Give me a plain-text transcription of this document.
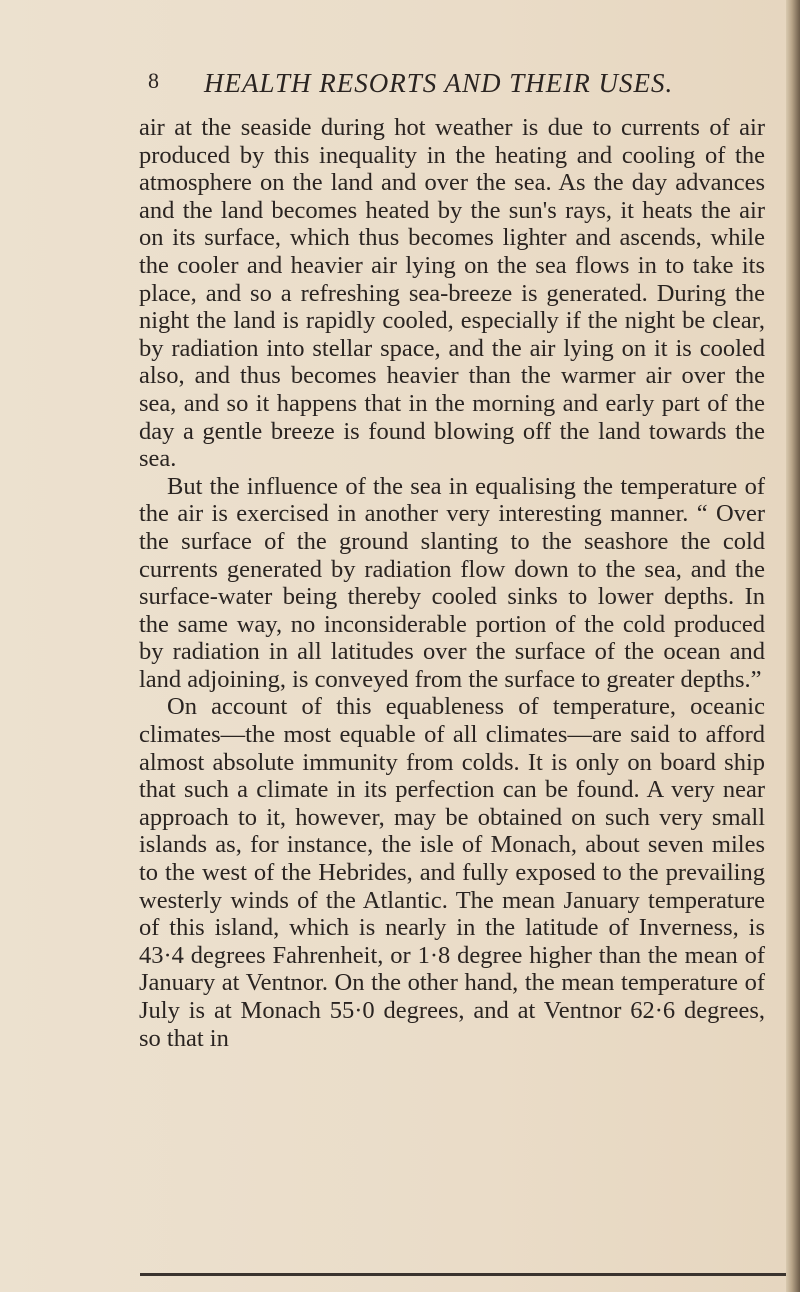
8 HEALTH RESORTS AND THEIR USES.

air at the seaside during hot weather is due to currents of air produced by this inequality in the heating and cooling of the atmosphere on the land and over the sea. As the day advances and the land becomes heated by the sun's rays, it heats the air on its surface, which thus becomes lighter and ascends, while the cooler and heavier air lying on the sea flows in to take its place, and so a refreshing sea-breeze is generated. During the night the land is rapidly cooled, especially if the night be clear, by radiation into stellar space, and the air lying on it is cooled also, and thus becomes heavier than the warmer air over the sea, and so it happens that in the morning and early part of the day a gentle breeze is found blowing off the land towards the sea.

But the influence of the sea in equalising the temperature of the air is exercised in another very interesting manner. “ Over the surface of the ground slanting to the seashore the cold currents generated by radiation flow down to the sea, and the surface-water being thereby cooled sinks to lower depths. In the same way, no inconsiderable portion of the cold produced by radiation in all latitudes over the surface of the ocean and land adjoining, is conveyed from the surface to greater depths.”

On account of this equableness of temperature, oceanic climates—the most equable of all climates—are said to afford almost absolute immunity from colds. It is only on board ship that such a climate in its perfection can be found. A very near approach to it, however, may be obtained on such very small islands as, for instance, the isle of Monach, about seven miles to the west of the Hebrides, and fully exposed to the prevailing westerly winds of the Atlantic. The mean January temperature of this island, which is nearly in the latitude of Inverness, is 43·4 degrees Fahrenheit, or 1·8 degree higher than the mean of January at Ventnor. On the other hand, the mean temperature of July is at Monach 55·0 degrees, and at Ventnor 62·6 degrees, so that in
